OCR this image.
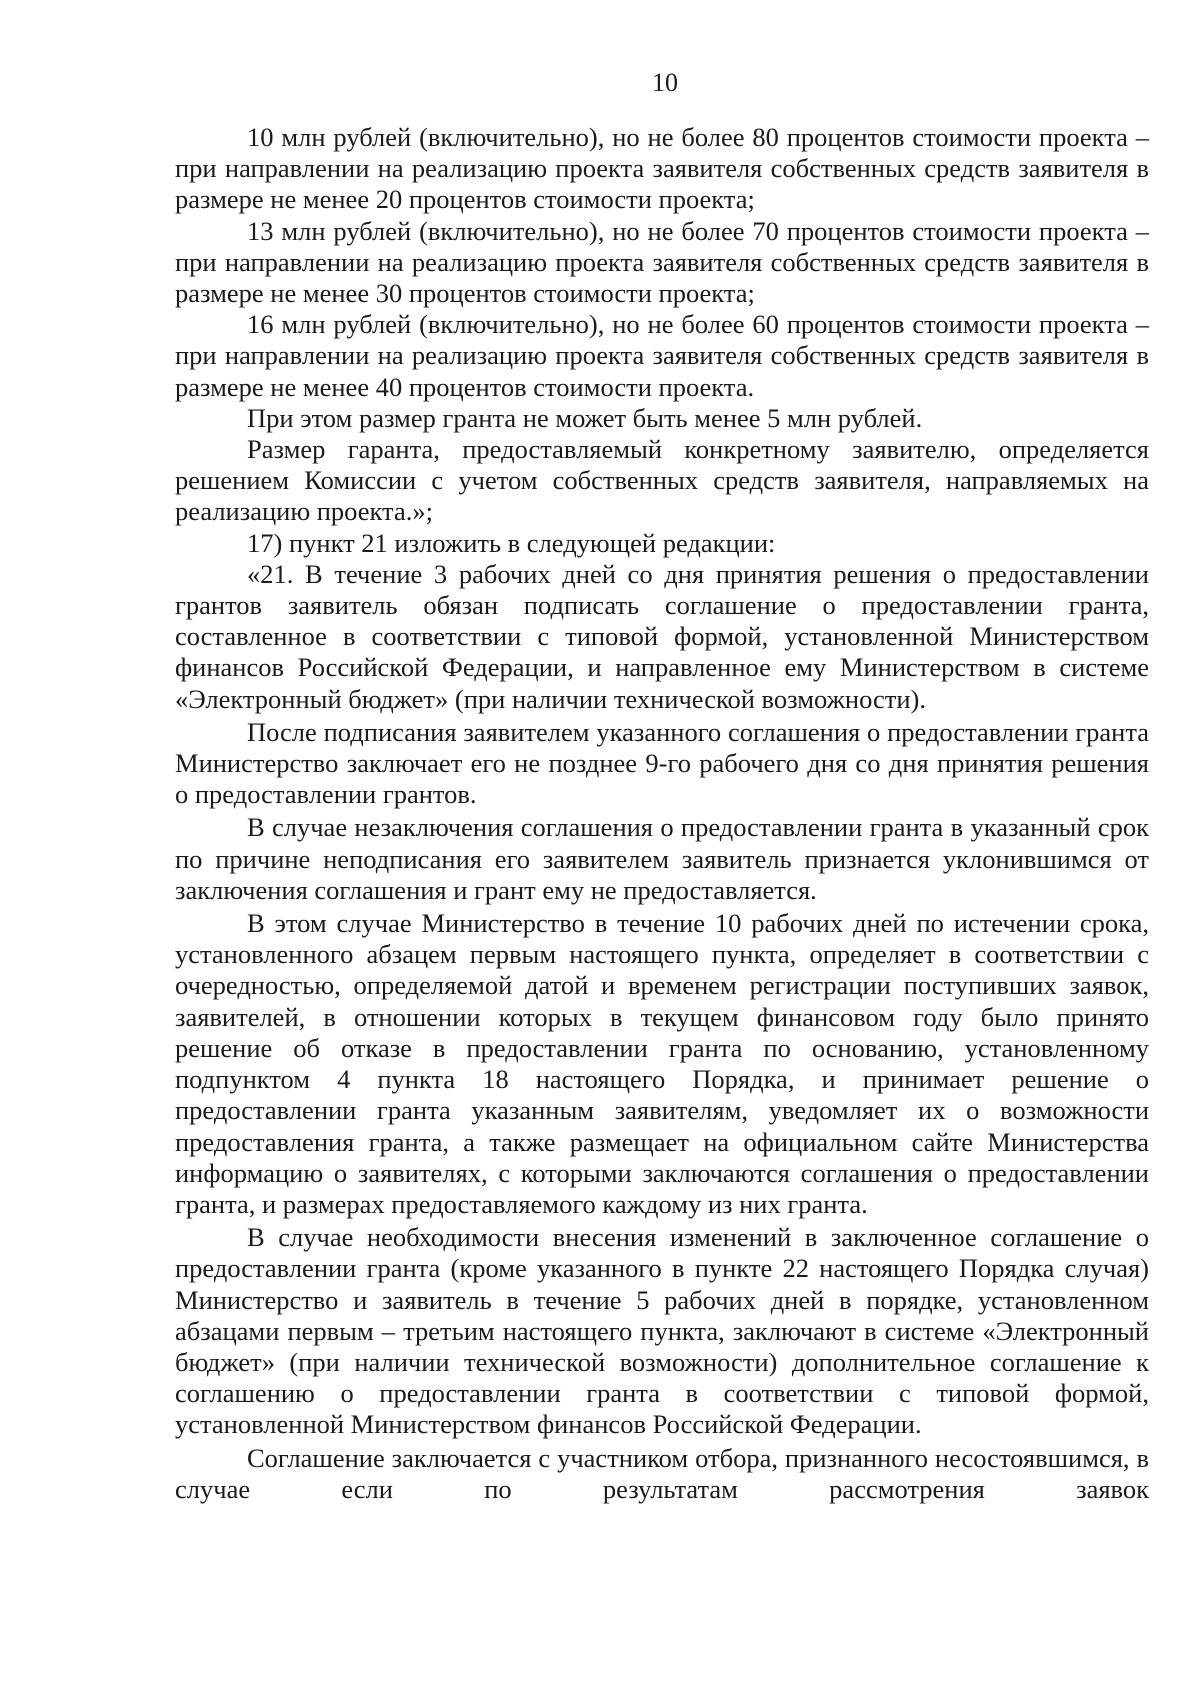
10

10 млн рублей (включительно), но не более 80 процентов стоимости проекта – при направлении на реализацию проекта заявителя собственных средств заявителя в размере не менее 20 процентов стоимости проекта;

13 млн рублей (включительно), но не более 70 процентов стоимости проекта – при направлении на реализацию проекта заявителя собственных средств заявителя в размере не менее 30 процентов стоимости проекта;

16 млн рублей (включительно), но не более 60 процентов стоимости проекта – при направлении на реализацию проекта заявителя собственных средств заявителя в размере не менее 40 процентов стоимости проекта.

При этом размер гранта не может быть менее 5 млн рублей.

Размер гаранта, предоставляемый конкретному заявителю, определяется решением Комиссии с учетом собственных средств заявителя, направляемых на реализацию проекта.»;

17) пункт 21 изложить в следующей редакции:

«21. В течение 3 рабочих дней со дня принятия решения о предоставлении грантов заявитель обязан подписать соглашение о предоставлении гранта, составленное в соответствии с типовой формой, установленной Министерством финансов Российской Федерации, и направленное ему Министерством в системе «Электронный бюджет» (при наличии технической возможности).

После подписания заявителем указанного соглашения о предоставлении гранта Министерство заключает его не позднее 9-го рабочего дня со дня принятия решения о предоставлении грантов.

В случае незаключения соглашения о предоставлении гранта в указанный срок по причине неподписания его заявителем заявитель признается уклонившимся от заключения соглашения и грант ему не предоставляется.

В этом случае Министерство в течение 10 рабочих дней по истечении срока, установленного абзацем первым настоящего пункта, определяет в соответствии с очередностью, определяемой датой и временем регистрации поступивших заявок, заявителей, в отношении которых в текущем финансовом году было принято решение об отказе в предоставлении гранта по основанию, установленному подпунктом 4 пункта 18 настоящего Порядка, и принимает решение о предоставлении гранта указанным заявителям, уведомляет их о возможности предоставления гранта, а также размещает на официальном сайте Министерства информацию о заявителях, с которыми заключаются соглашения о предоставлении гранта, и размерах предоставляемого каждому из них гранта.

В случае необходимости внесения изменений в заключенное соглашение о предоставлении гранта (кроме указанного в пункте 22 настоящего Порядка случая) Министерство и заявитель в течение 5 рабочих дней в порядке, установленном абзацами первым – третьим настоящего пункта, заключают в системе «Электронный бюджет» (при наличии технической возможности) дополнительное соглашение к соглашению о предоставлении гранта в соответствии с типовой формой, установленной Министерством финансов Российской Федерации.

Соглашение заключается с участником отбора, признанного несостоявшимся, в случае если по результатам рассмотрения заявок
